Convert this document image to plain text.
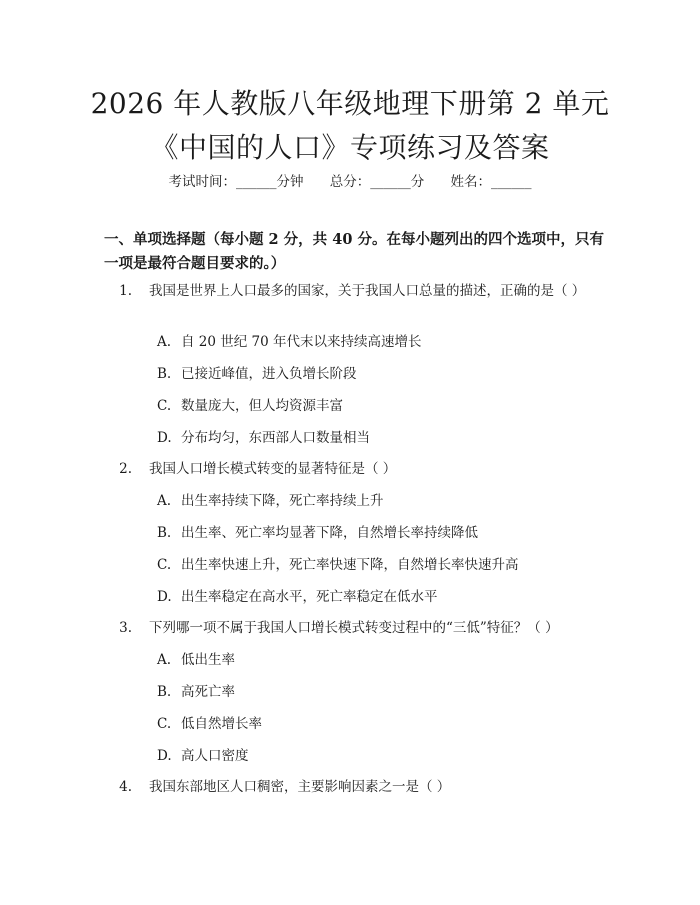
2026 年人教版八年级地理下册第 2 单元《中国的人口》专项练习及答案
考试时间：______分钟 总分：______分 姓名：______
一、单项选择题（每小题 2 分，共 40 分。在每小题列出的四个选项中，只有一项是最符合题目要求的。）
1. 我国是世界上人口最多的国家，关于我国人口总量的描述，正确的是（ ）
A. 自 20 世纪 70 年代末以来持续高速增长
B. 已接近峰值，进入负增长阶段
C. 数量庞大，但人均资源丰富
D. 分布均匀，东西部人口数量相当
2. 我国人口增长模式转变的显著特征是（ ）
A. 出生率持续下降，死亡率持续上升
B. 出生率、死亡率均显著下降，自然增长率持续降低
C. 出生率快速上升，死亡率快速下降，自然增长率快速升高
D. 出生率稳定在高水平，死亡率稳定在低水平
3. 下列哪一项不属于我国人口增长模式转变过程中的“三低”特征？（ ）
A. 低出生率
B. 高死亡率
C. 低自然增长率
D. 高人口密度
4. 我国东部地区人口稠密，主要影响因素之一是（ ）
